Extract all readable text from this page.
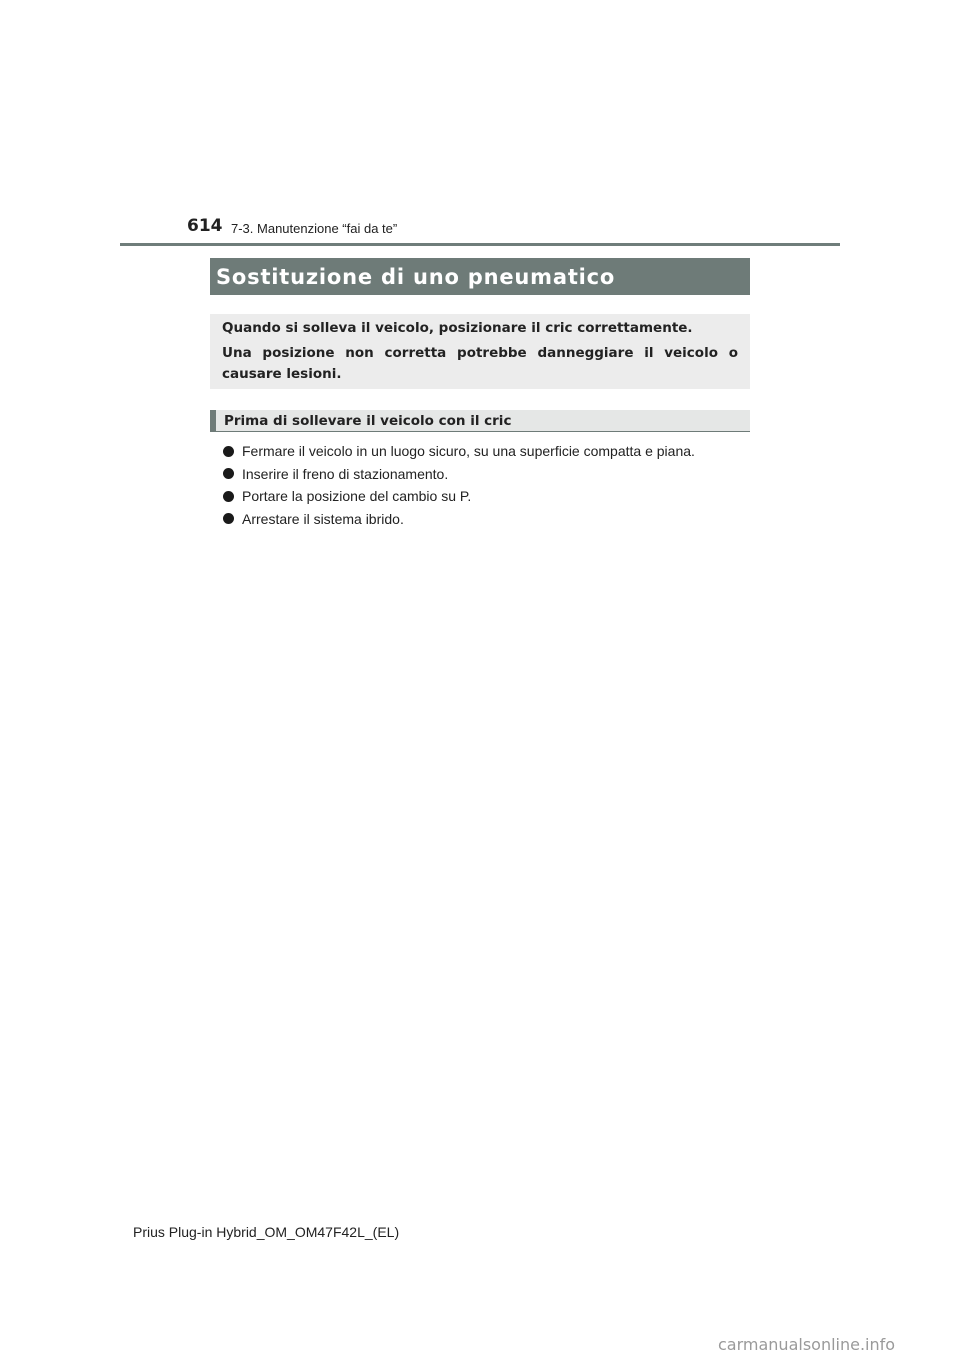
614 7-3. Manutenzione “fai da te”
Sostituzione di uno pneumatico
Quando si solleva il veicolo, posizionare il cric correttamente.
Una posizione non corretta potrebbe danneggiare il veicolo o causare lesioni.
Prima di sollevare il veicolo con il cric
Fermare il veicolo in un luogo sicuro, su una superficie compatta e piana.
Inserire il freno di stazionamento.
Portare la posizione del cambio su P.
Arrestare il sistema ibrido.
Prius Plug-in Hybrid_OM_OM47F42L_(EL)
carmanualsonline.info
